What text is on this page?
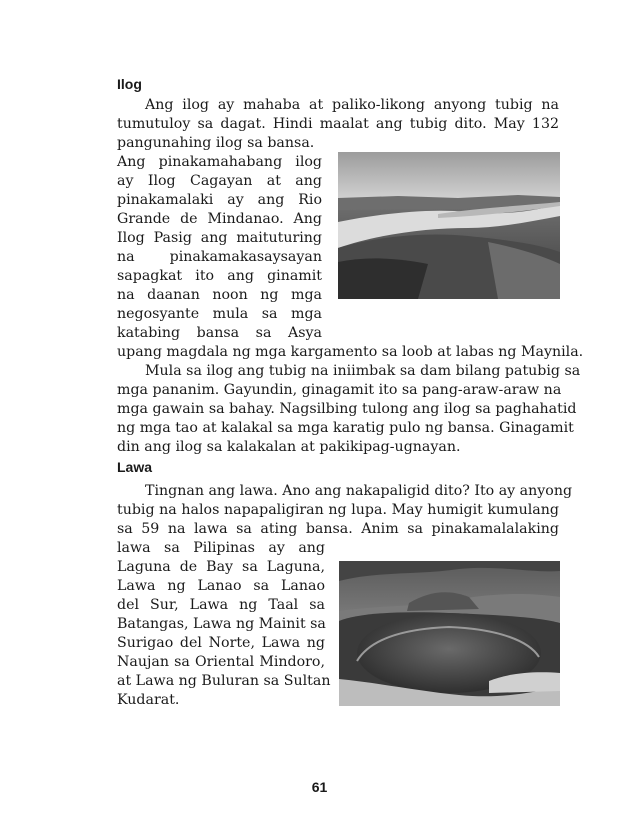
Ilog
Ang ilog ay mahaba at paliko-likong anyong tubig na
tumutuloy sa dagat. Hindi maalat ang tubig dito. May 132
pangunahing ilog sa bansa.
Ang pinakamahabang ilog
ay Ilog Cagayan at ang
pinakamalaki ay ang Rio
Grande de Mindanao. Ang
Ilog Pasig ang maituturing
na pinakamakasaysayan
sapagkat ito ang ginamit
na daanan noon ng mga
negosyante mula sa mga
katabing bansa sa Asya
upang magdala ng mga kargamento sa loob at labas ng Maynila.
Mula sa ilog ang tubig na iniimbak sa dam bilang patubig sa
mga pananim. Gayundin, ginagamit ito sa pang-araw-araw na
mga gawain sa bahay. Nagsilbing tulong ang ilog sa paghahatid
ng mga tao at kalakal sa mga karatig pulo ng bansa. Ginagamit
din ang ilog sa kalakalan at pakikipag-ugnayan.
Lawa
Tingnan ang lawa. Ano ang nakapaligid dito? Ito ay anyong
tubig na halos napapaligiran ng lupa. May humigit kumulang
sa 59 na lawa sa ating bansa. Anim sa pinakamalalaking
lawa sa Pilipinas ay ang
Laguna de Bay sa Laguna,
Lawa ng Lanao sa Lanao
del Sur, Lawa ng Taal sa
Batangas, Lawa ng Mainit sa
Surigao del Norte, Lawa ng
Naujan sa Oriental Mindoro,
at Lawa ng Buluran sa Sultan
Kudarat.
61
